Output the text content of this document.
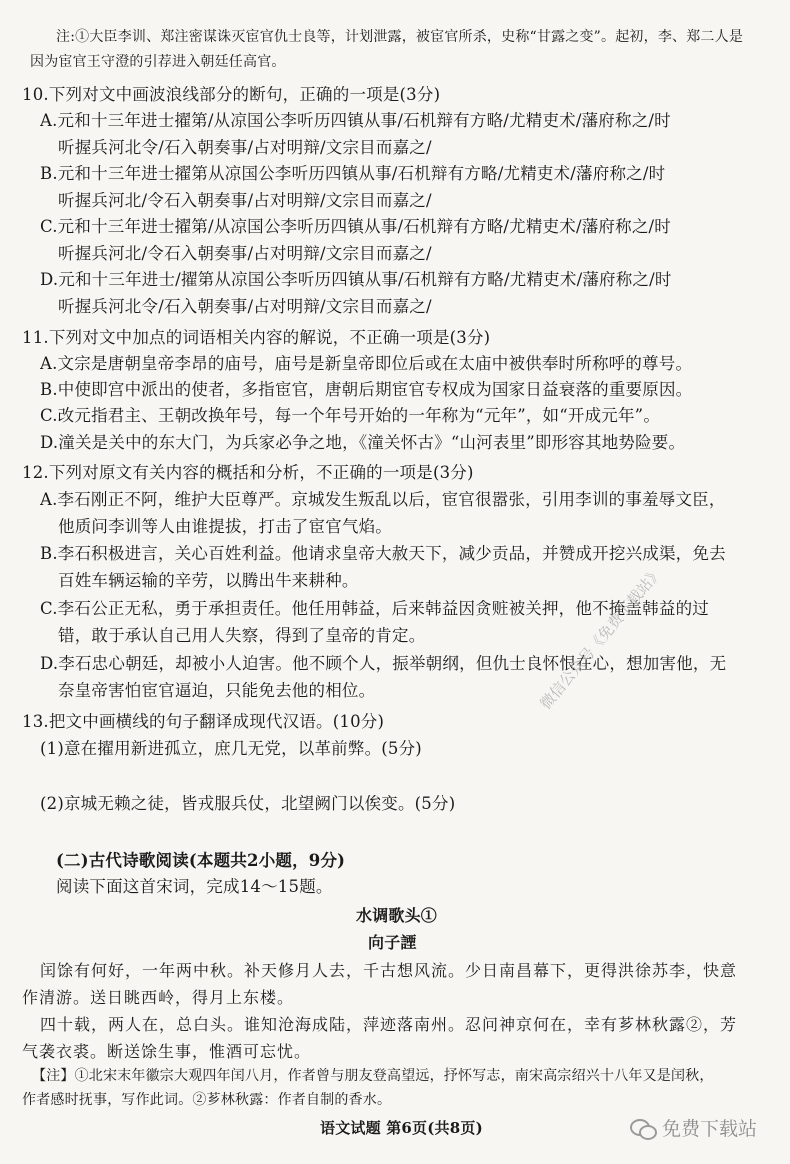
注:①大臣李训、郑注密谋诛灭宦官仇士良等，计划泄露，被宦官所杀，史称“甘露之变”。起初，李、郑二人是
因为宦官王守澄的引荐进入朝廷任高官。
10.下列对文中画波浪线部分的断句，正确的一项是(3分)
A.元和十三年进士擢第/从凉国公李听历四镇从事/石机辩有方略/尤精吏术/藩府称之/时
听握兵河北令/石入朝奏事/占对明辩/文宗目而嘉之/
B.元和十三年进士擢第从凉国公李听历四镇从事/石机辩有方略/尤精吏术/藩府称之/时
听握兵河北/令石入朝奏事/占对明辩/文宗目而嘉之/
C.元和十三年进士擢第/从凉国公李听历四镇从事/石机辩有方略/尤精吏术/藩府称之/时
听握兵河北/令石入朝奏事/占对明辩/文宗目而嘉之/
D.元和十三年进士/擢第从凉国公李听历四镇从事/石机辩有方略/尤精吏术/藩府称之/时
听握兵河北令/石入朝奏事/占对明辩/文宗目而嘉之/
11.下列对文中加点的词语相关内容的解说，不正确一项是(3分)
A.文宗是唐朝皇帝李昂的庙号，庙号是新皇帝即位后或在太庙中被供奉时所称呼的尊号。
B.中使即宫中派出的使者，多指宦官，唐朝后期宦官专权成为国家日益衰落的重要原因。
C.改元指君主、王朝改换年号，每一个年号开始的一年称为“元年”，如“开成元年”。
D.潼关是关中的东大门，为兵家必争之地，《潼关怀古》“山河表里”即形容其地势险要。
12.下列对原文有关内容的概括和分析，不正确的一项是(3分)
A.李石刚正不阿，维护大臣尊严。京城发生叛乱以后，宦官很嚣张，引用李训的事羞辱文臣，
他质问李训等人由谁提拔，打击了宦官气焰。
B.李石积极进言，关心百姓利益。他请求皇帝大赦天下，减少贡品，并赞成开挖兴成渠，免去
百姓车辆运输的辛劳，以腾出牛来耕种。
C.李石公正无私，勇于承担责任。他任用韩益，后来韩益因贪赃被关押，他不掩盖韩益的过
错，敢于承认自己用人失察，得到了皇帝的肯定。
D.李石忠心朝廷，却被小人迫害。他不顾个人，振举朝纲，但仇士良怀恨在心，想加害他，无
奈皇帝害怕宦官逼迫，只能免去他的相位。
13.把文中画横线的句子翻译成现代汉语。(10分)
(1)意在擢用新进孤立，庶几无党，以革前弊。(5分)
(2)京城无赖之徒，皆戎服兵仗，北望阙门以俟变。(5分)
(二)古代诗歌阅读(本题共2小题，9分)
阅读下面这首宋词，完成14～15题。
水调歌头①
向子諲
闰馀有何好，一年两中秋。补天修月人去，千古想风流。少日南昌幕下，更得洪徐苏李，快意
作清游。送日眺西岭，得月上东楼。
四十载，两人在，总白头。谁知沧海成陆，萍迹落南州。忍问神京何在，幸有芗林秋露②，芳
气袭衣裘。断送馀生事，惟酒可忘忧。
【注】①北宋末年徽宗大观四年闰八月，作者曾与朋友登高望远，抒怀写志，南宋高宗绍兴十八年又是闰秋，
作者感时抚事，写作此词。②芗林秋露：作者自制的香水。
语文试题 第6页(共8页)
微信公众号《免费下载站》
免费下载站
